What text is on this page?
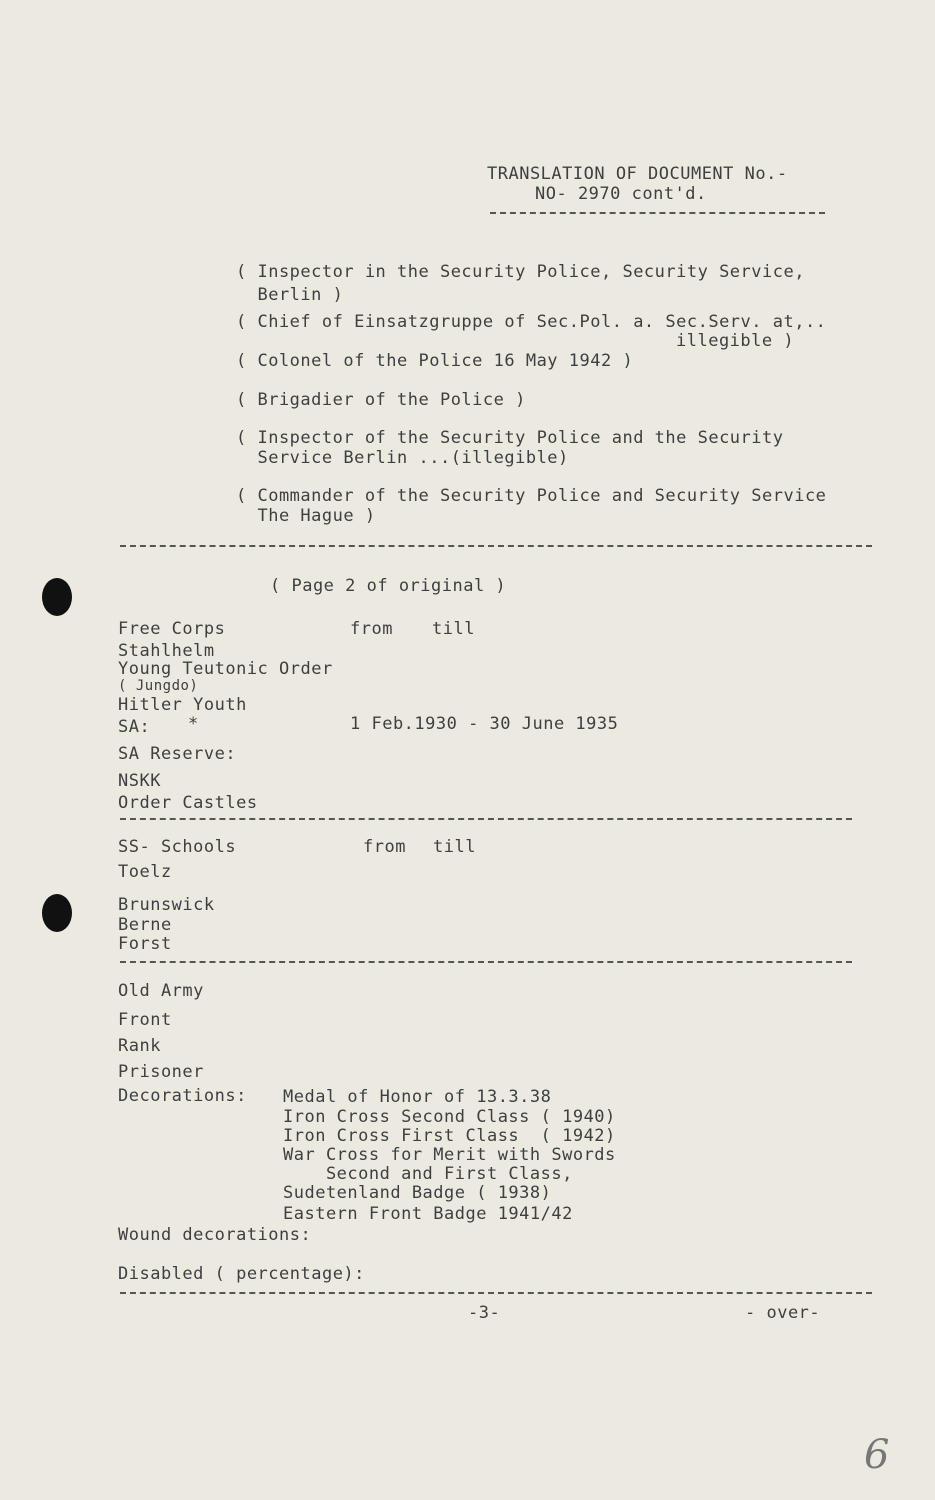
TRANSLATION OF DOCUMENT No.-
NO- 2970 cont'd.
( Inspector in the Security Police, Security Service,
Berlin )
( Chief of Einsatzgruppe of Sec.Pol. a. Sec.Serv. at,..
illegible )
( Colonel of the Police 16 May 1942 )
( Brigadier of the Police )
( Inspector of the Security Police and the Security
Service Berlin ...(illegible)
( Commander of the Security Police and Security Service
The Hague )
( Page 2 of original )
Free Corps	from till
Stahlhelm
Young Teutonic Order
( Jungdo)
Hitler Youth
SA: *	1 Feb.1930 - 30 June 1935
SA Reserve:
NSKK
Order Castles
SS- Schools	from till
Toelz
Brunswick
Berne
Forst
Old Army
Front
Rank
Prisoner
Decorations: Medal of Honor of 13.3.38
Iron Cross Second Class ( 1940)
Iron Cross First Class  ( 1942)
War Cross for Merit with Swords
Second and First Class,
Sudetenland Badge ( 1938)
Eastern Front Badge 1941/42
Wound decorations:
Disabled ( percentage):
-3-	- over-
6
